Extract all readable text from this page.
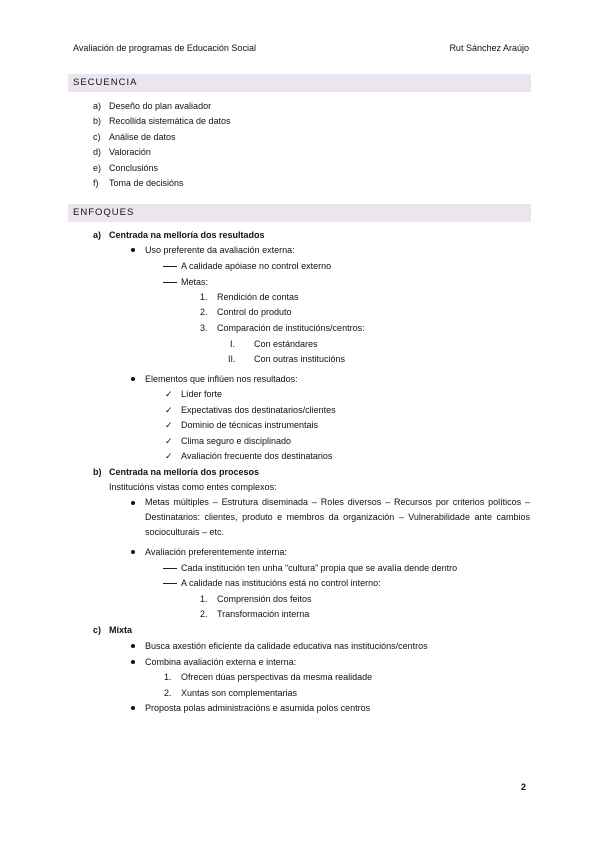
Avaliación de programas de Educación Social	Rut Sánchez Araújo
SECUENCIA
a) Deseño do plan avaliador
b) Recollida sistemática de datos
c) Análise de datos
d) Valoración
e) Conclusións
f) Toma de decisións
ENFOQUES
a) Centrada na melloría dos resultados
Uso preferente da avaliación externa:
A calidade apóiase no control externo
Metas:
1. Rendición de contas
2. Control do produto
3. Comparación de institucións/centros:
I. Con estándares
II. Con outras institucións
Elementos que inflúen nos resultados:
✓ Líder forte
✓ Expectativas dos destinatarios/clientes
✓ Dominio de técnicas instrumentais
✓ Clima seguro e disciplinado
✓ Avaliación frecuente dos destinatarios
b) Centrada na melloría dos procesos
Institucións vistas como entes complexos:
Metas múltiples – Estrutura diseminada – Roles diversos – Recursos por criterios políticos – Destinatarios: clientes, produto e membros da organización – Vulnerabilidade ante cambios socioculturais – etc.
Avaliación preferentemente interna:
Cada institución ten unha “cultura” propia que se avalía dende dentro
A calidade nas institucións está no control interno:
1. Comprensión dos feitos
2. Transformación interna
c) Mixta
Busca axestión eficiente da calidade educativa nas institucións/centros
Combina avaliación externa e interna:
1. Ofrecen dúas perspectivas da mesma realidade
2. Xuntas son complementarias
Proposta polas administracións e asumida polos centros
2
